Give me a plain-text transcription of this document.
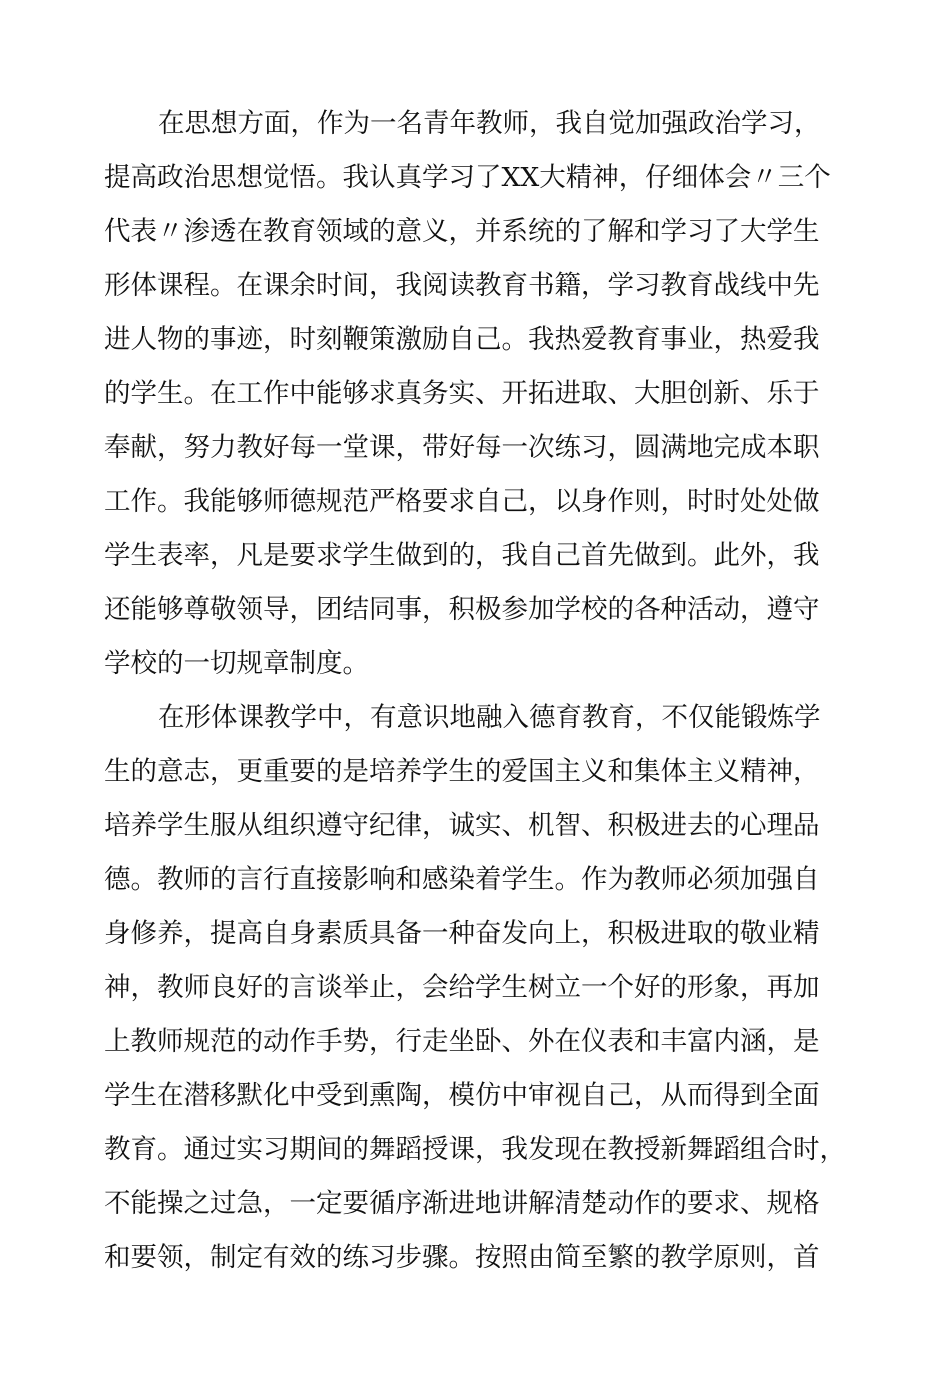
在思想方面，作为一名青年教师，我自觉加强政治学习，
提高政治思想觉悟。我认真学习了XX大精神，仔细体会〃三个
代表〃渗透在教育领域的意义，并系统的了解和学习了大学生
形体课程。在课余时间，我阅读教育书籍，学习教育战线中先
进人物的事迹，时刻鞭策激励自己。我热爱教育事业，热爱我
的学生。在工作中能够求真务实、开拓进取、大胆创新、乐于
奉献，努力教好每一堂课，带好每一次练习，圆满地完成本职
工作。我能够师德规范严格要求自己，以身作则，时时处处做
学生表率，凡是要求学生做到的，我自己首先做到。此外，我
还能够尊敬领导，团结同事，积极参加学校的各种活动，遵守
学校的一切规章制度。
在形体课教学中，有意识地融入德育教育，不仅能锻炼学
生的意志，更重要的是培养学生的爱国主义和集体主义精神，
培养学生服从组织遵守纪律，诚实、机智、积极进去的心理品
德。教师的言行直接影响和感染着学生。作为教师必须加强自
身修养，提高自身素质具备一种奋发向上，积极进取的敬业精
神，教师良好的言谈举止，会给学生树立一个好的形象，再加
上教师规范的动作手势，行走坐卧、外在仪表和丰富内涵，是
学生在潜移默化中受到熏陶，模仿中审视自己，从而得到全面
教育。通过实习期间的舞蹈授课，我发现在教授新舞蹈组合时，
不能操之过急，一定要循序渐进地讲解清楚动作的要求、规格
和要领，制定有效的练习步骤。按照由简至繁的教学原则，首
